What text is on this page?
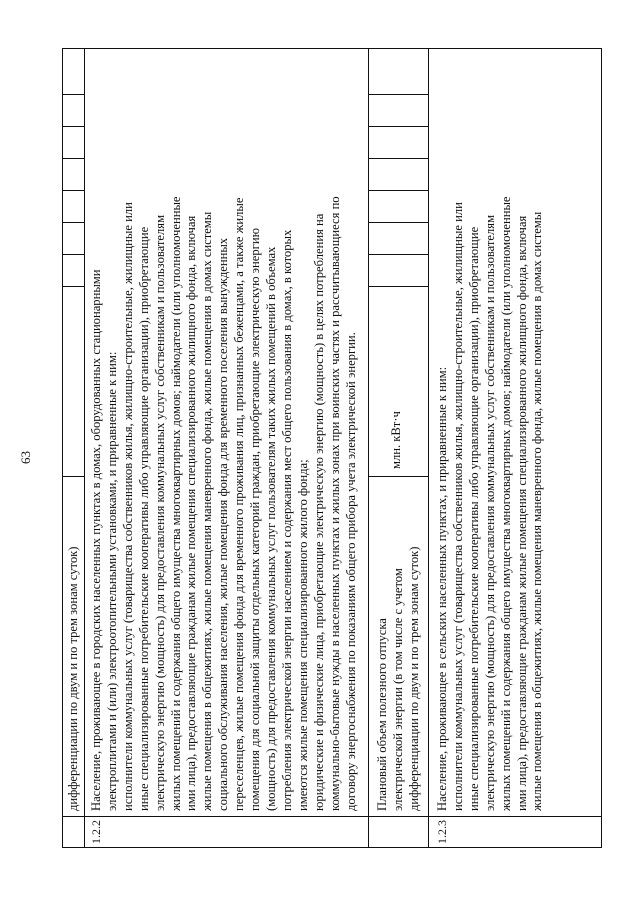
63
дифференциации по двум и по трем зонам суток)
1.2.2

Население, проживающее в городских населенных пунктах в домах, оборудованных стационарными электроплитами и (или) электроотопительными установками, и приравненные к ним: исполнители коммунальных услуг (товарищества собственников жилья, жилищно-строительные, жилищные или иные специализированные потребительские кооперативы либо управляющие организации), приобретающие электрическую энергию (мощность) для предоставления коммунальных услуг собственникам и пользователям жилых помещений и содержания общего имущества многоквартирных домов; наймодатели (или уполномоченные ими лица), предоставляющие гражданам жилые помещения специализированного жилищного фонда, включая жилые помещения в общежитиях, жилые помещения маневренного фонда, жилые помещения в домах системы социального обслуживания населения, жилые помещения фонда для временного поселения вынужденных переселенцев, жилые помещения фонда для временного проживания лиц, признанных беженцами, а также жилые помещения для социальной защиты отдельных категорий граждан, приобретающие электрическую энергию (мощность) для предоставления коммунальных услуг пользователям таких жилых помещений в объемах потребления электрической энергии населением и содержания мест общего пользования в домах, в которых имеются жилые помещения специализированного жилого фонда; юридические и физические лица, приобретающие электрическую энергию (мощность) в целях потребления на коммунально-бытовые нужды в населенных пунктах и жилых зонах при воинских частях и рассчитывающиеся по договору энергоснабжения по показаниям общего прибора учета электрической энергии. Плановый объем полезного отпуска электрической энергии (в том числе с учетом дифференциации по двум и по трем зонам суток)

млн. кВт·ч
1.2.3

Население, проживающее в сельских населенных пунктах, и приравненные к ним: исполнители коммунальных услуг (товарищества собственников жилья, жилищно-строительные, жилищные или иные специализированные потребительские кооперативы либо управляющие организации), приобретающие электрическую энергию (мощность) для предоставления коммунальных услуг собственникам и пользователям жилых помещений и содержания общего имущества многоквартирных домов; наймодатели (или уполномоченные ими лица), предоставляющие гражданам жилые помещения специализированного жилищного фонда, включая жилые помещения в общежитиях, жилые помещения маневренного фонда, жилые помещения в домах системы
